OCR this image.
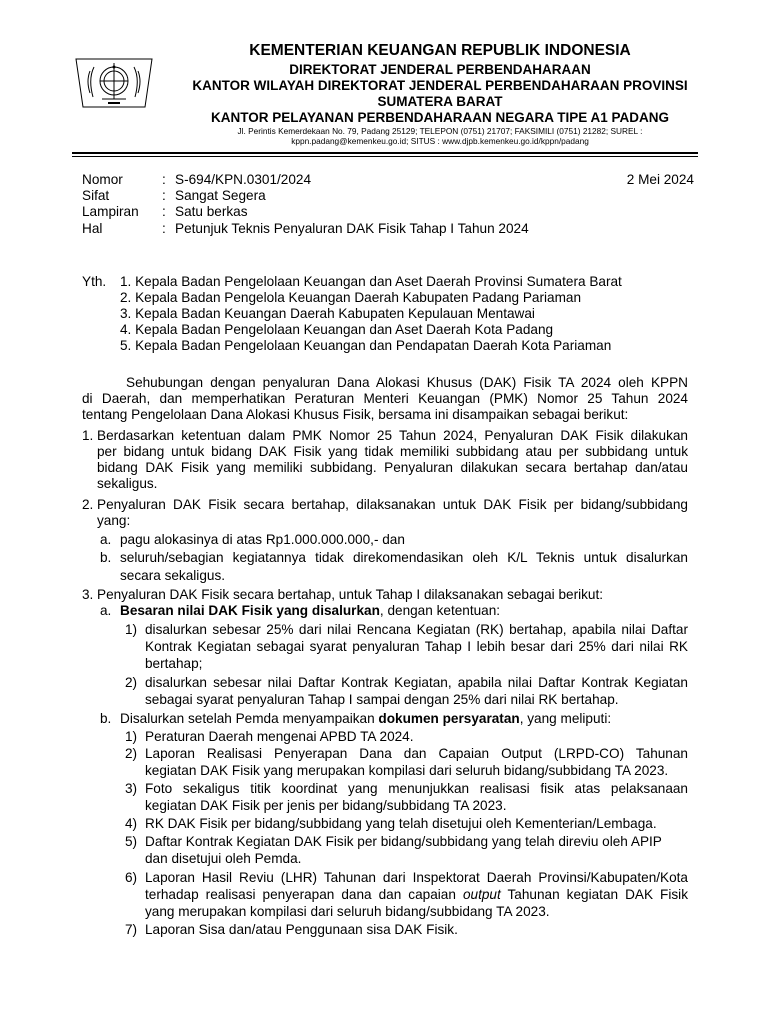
KEMENTERIAN KEUANGAN REPUBLIK INDONESIA
DIREKTORAT JENDERAL PERBENDAHARAAN
KANTOR WILAYAH DIREKTORAT JENDERAL PERBENDAHARAAN PROVINSI
SUMATERA BARAT
KANTOR PELAYANAN PERBENDAHARAAN NEGARA TIPE A1 PADANG
Jl. Perintis Kemerdekaan No. 79, Padang 25129; TELEPON (0751) 21707; FAKSIMILI (0751) 21282; SUREL :
kppn.padang@kemenkeu.go.id; SITUS : www.djpb.kemenkeu.go.id/kppn/padang
Nomor	: S-694/KPN.0301/2024	2 Mei 2024
Sifat	: Sangat Segera
Lampiran : Satu berkas
Hal	: Petunjuk Teknis Penyaluran DAK Fisik Tahap I Tahun 2024
Yth. 1. Kepala Badan Pengelolaan Keuangan dan Aset Daerah Provinsi Sumatera Barat
2. Kepala Badan Pengelola Keuangan Daerah Kabupaten Padang Pariaman
3. Kepala Badan Keuangan Daerah Kabupaten Kepulauan Mentawai
4. Kepala Badan Pengelolaan Keuangan dan Aset Daerah Kota Padang
5. Kepala Badan Pengelolaan Keuangan dan Pendapatan Daerah Kota Pariaman
Sehubungan dengan penyaluran Dana Alokasi Khusus (DAK) Fisik TA 2024 oleh KPPN
di Daerah, dan memperhatikan Peraturan Menteri Keuangan (PMK) Nomor 25 Tahun 2024
tentang Pengelolaan Dana Alokasi Khusus Fisik, bersama ini disampaikan sebagai berikut:
1. Berdasarkan ketentuan dalam PMK Nomor 25 Tahun 2024, Penyaluran DAK Fisik dilakukan
per bidang untuk bidang DAK Fisik yang tidak memiliki subbidang atau per subbidang untuk
bidang DAK Fisik yang memiliki subbidang. Penyaluran dilakukan secara bertahap dan/atau
sekaligus.
2. Penyaluran DAK Fisik secara bertahap, dilaksanakan untuk DAK Fisik per bidang/subbidang
yang:
a. pagu alokasinya di atas Rp1.000.000.000,- dan
b. seluruh/sebagian kegiatannya tidak direkomendasikan oleh K/L Teknis untuk disalurkan
secara sekaligus.
3. Penyaluran DAK Fisik secara bertahap, untuk Tahap I dilaksanakan sebagai berikut:
a. Besaran nilai DAK Fisik yang disalurkan, dengan ketentuan:
1) disalurkan sebesar 25% dari nilai Rencana Kegiatan (RK) bertahap, apabila nilai Daftar
Kontrak Kegiatan sebagai syarat penyaluran Tahap I lebih besar dari 25% dari nilai RK
bertahap;
2) disalurkan sebesar nilai Daftar Kontrak Kegiatan, apabila nilai Daftar Kontrak Kegiatan
sebagai syarat penyaluran Tahap I sampai dengan 25% dari nilai RK bertahap.
b. Disalurkan setelah Pemda menyampaikan dokumen persyaratan, yang meliputi:
1) Peraturan Daerah mengenai APBD TA 2024.
2) Laporan Realisasi Penyerapan Dana dan Capaian Output (LRPD-CO) Tahunan
kegiatan DAK Fisik yang merupakan kompilasi dari seluruh bidang/subbidang TA 2023.
3) Foto sekaligus titik koordinat yang menunjukkan realisasi fisik atas pelaksanaan
kegiatan DAK Fisik per jenis per bidang/subbidang TA 2023.
4) RK DAK Fisik per bidang/subbidang yang telah disetujui oleh Kementerian/Lembaga.
5) Daftar Kontrak Kegiatan DAK Fisik per bidang/subbidang yang telah direviu oleh APIP
dan disetujui oleh Pemda.
6) Laporan Hasil Reviu (LHR) Tahunan dari Inspektorat Daerah Provinsi/Kabupaten/Kota
terhadap realisasi penyerapan dana dan capaian output Tahunan kegiatan DAK Fisik
yang merupakan kompilasi dari seluruh bidang/subbidang TA 2023.
7) Laporan Sisa dan/atau Penggunaan sisa DAK Fisik.
